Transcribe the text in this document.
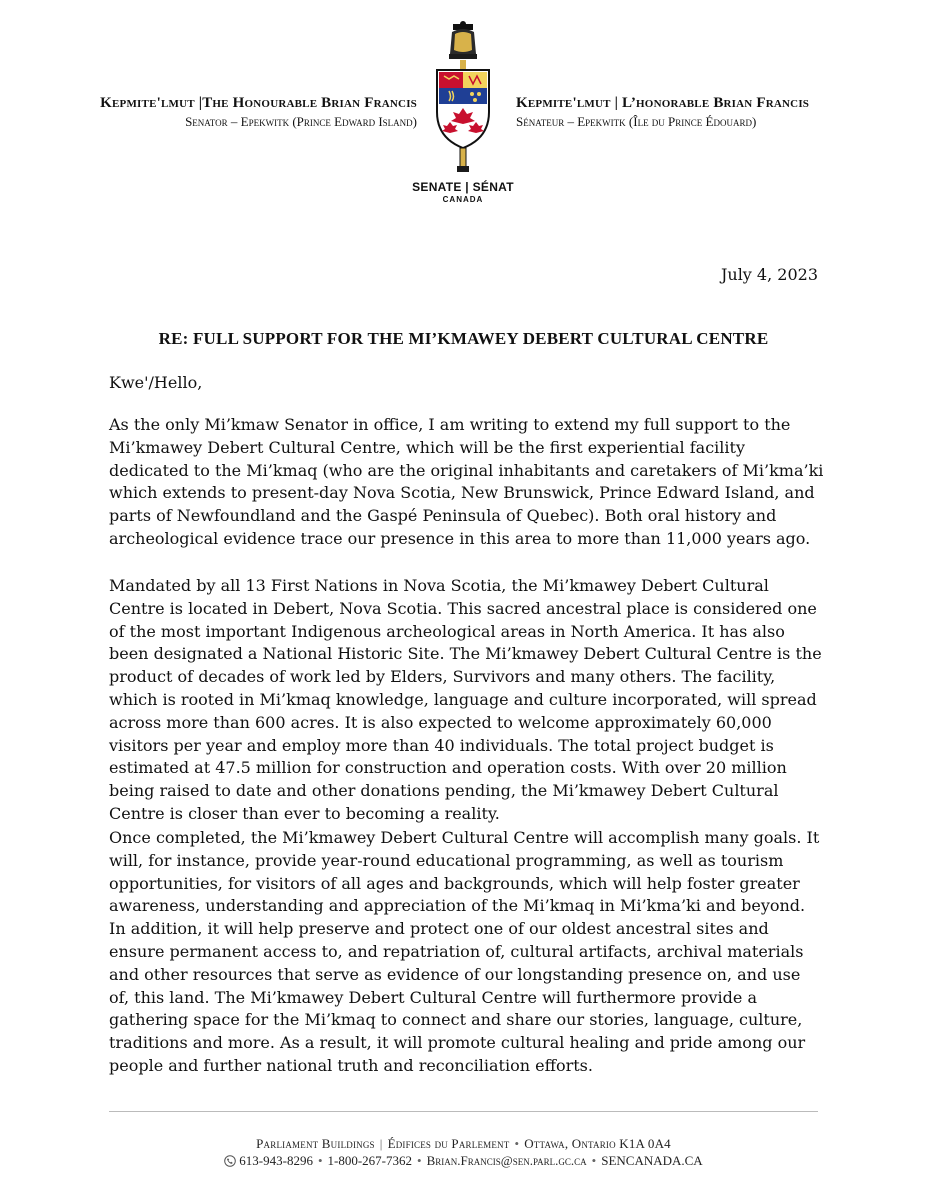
Kepmite'lmut |The Honourable Brian Francis
Senator – Epekwitk (Prince Edward Island)
SENATE | SÉNAT
CANADA
Kepmite'lmut | L’honorable Brian Francis
Sénateur – Epekwitk (Île du Prince Édouard)
July 4, 2023
RE: FULL SUPPORT FOR THE MI’KMAWEY DEBERT CULTURAL CENTRE
Kwe'/Hello,

As the only Mi’kmaw Senator in office, I am writing to extend my full support to the Mi’kmawey Debert Cultural Centre, which will be the first experiential facility dedicated to the Mi’kmaq (who are the original inhabitants and caretakers of Mi’kma’ki which extends to present-day Nova Scotia, New Brunswick, Prince Edward Island, and parts of Newfoundland and the Gaspé Peninsula of Quebec). Both oral history and archeological evidence trace our presence in this area to more than 11,000 years ago.

Mandated by all 13 First Nations in Nova Scotia, the Mi’kmawey Debert Cultural Centre is located in Debert, Nova Scotia. This sacred ancestral place is considered one of the most important Indigenous archeological areas in North America. It has also been designated a National Historic Site. The Mi’kmawey Debert Cultural Centre is the product of decades of work led by Elders, Survivors and many others. The facility, which is rooted in Mi’kmaq knowledge, language and culture incorporated, will spread across more than 600 acres. It is also expected to welcome approximately 60,000 visitors per year and employ more than 40 individuals. The total project budget is estimated at 47.5 million for construction and operation costs. With over 20 million being raised to date and other donations pending, the Mi’kmawey Debert Cultural Centre is closer than ever to becoming a reality.

Once completed, the Mi’kmawey Debert Cultural Centre will accomplish many goals. It will, for instance, provide year-round educational programming, as well as tourism opportunities, for visitors of all ages and backgrounds, which will help foster greater awareness, understanding and appreciation of the Mi’kmaq in Mi’kma’ki and beyond. In addition, it will help preserve and protect one of our oldest ancestral sites and ensure permanent access to, and repatriation of, cultural artifacts, archival materials and other resources that serve as evidence of our longstanding presence on, and use of, this land. The Mi’kmawey Debert Cultural Centre will furthermore provide a gathering space for the Mi’kmaq to connect and share our stories, language, culture, traditions and more. As a result, it will promote cultural healing and pride among our people and further national truth and reconciliation efforts.

Parliament Buildings | Édifices du Parlement • Ottawa, Ontario K1A 0A4
613-943-8296 • 1-800-267-7362 • Brian.Francis@sen.parl.gc.ca • SENCANADA.CA
